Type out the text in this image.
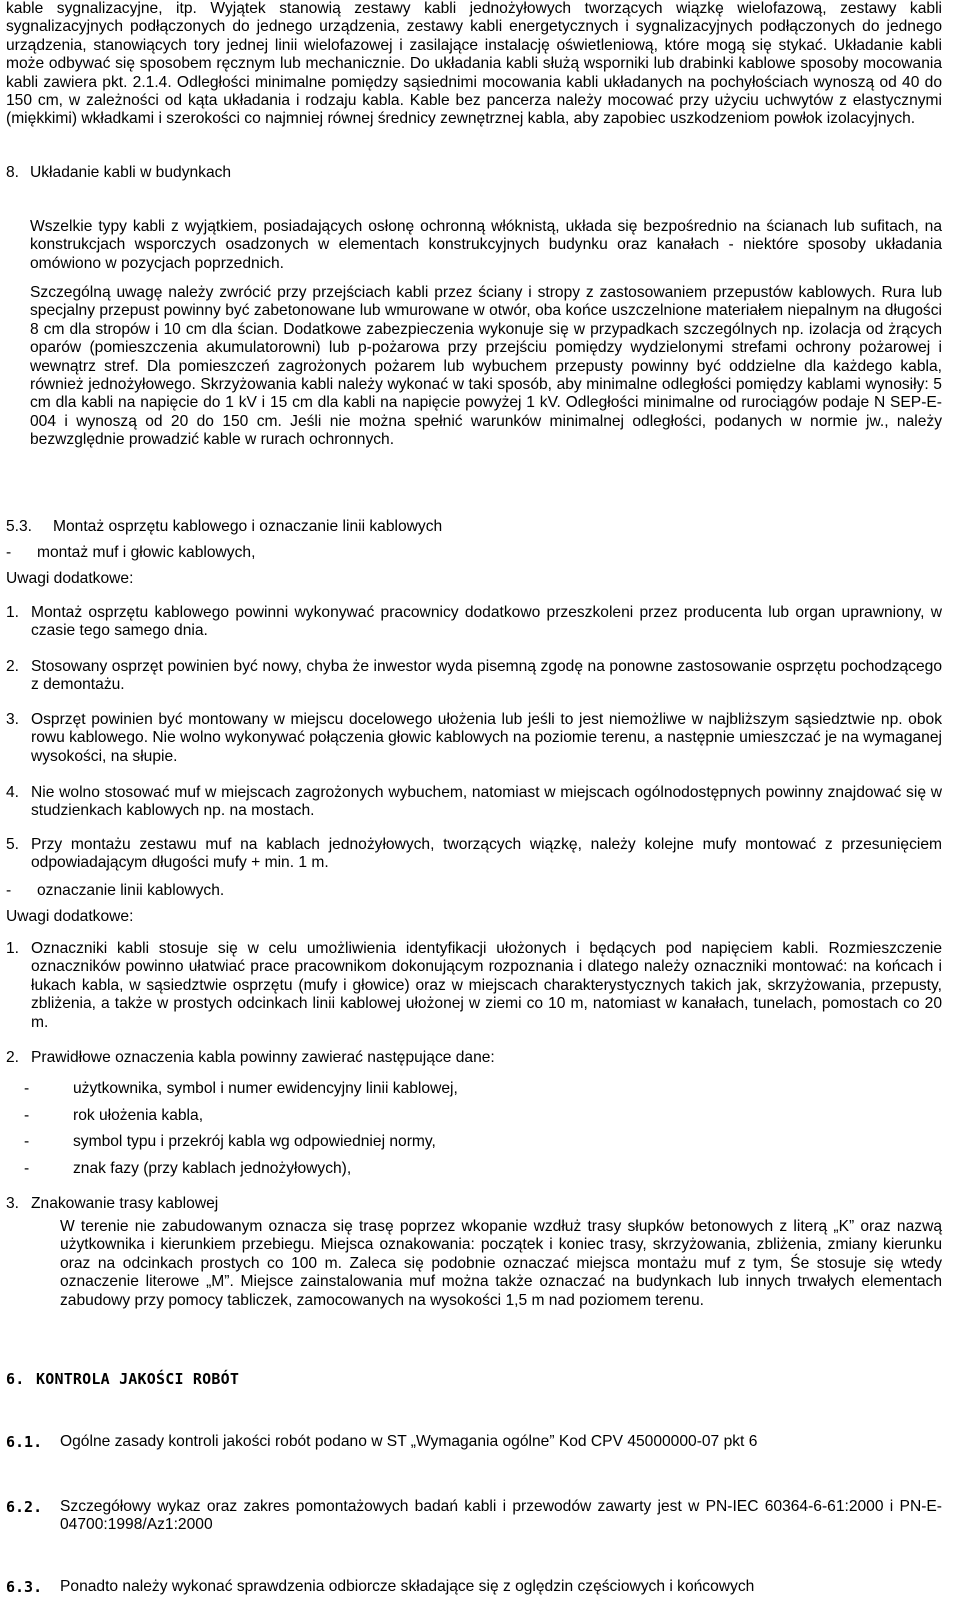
kable sygnalizacyjne, itp. Wyjątek stanowią zestawy kabli jednożyłowych tworzących wiązkę wielofazową, zestawy kabli sygnalizacyjnych podłączonych do jednego urządzenia, zestawy kabli energetycznych i sygnalizacyjnych podłączonych do jednego urządzenia, stanowiących tory jednej linii wielofazowej i zasilające instalację oświetleniową, które mogą się stykać. Układanie kabli może odbywać się sposobem ręcznym lub mechanicznie. Do układania kabli służą wsporniki lub drabinki kablowe sposoby mocowania kabli zawiera pkt. 2.1.4. Odległości minimalne pomiędzy sąsiednimi mocowania kabli układanych na pochyłościach wynoszą od 40 do 150 cm, w zależności od kąta układania i rodzaju kabla. Kable bez pancerza należy mocować przy użyciu uchwytów z elastycznymi (miękkimi) wkładkami i szerokości co najmniej równej średnicy zewnętrznej kabla, aby zapobiec uszkodzeniom powłok izolacyjnych.

8. Układanie kabli w budynkach

Wszelkie typy kabli z wyjątkiem, posiadających osłonę ochronną włóknistą, układa się bezpośrednio na ścianach lub sufitach, na konstrukcjach wsporczych osadzonych w elementach konstrukcyjnych budynku oraz kanałach - niektóre sposoby układania omówiono w pozycjach poprzednich.

Szczególną uwagę należy zwrócić przy przejściach kabli przez ściany i stropy z zastosowaniem przepustów kablowych. Rura lub specjalny przepust powinny być zabetonowane lub wmurowane w otwór, oba końce uszczelnione materiałem niepalnym na długości 8 cm dla stropów i 10 cm dla ścian. Dodatkowe zabezpieczenia wykonuje się w przypadkach szczególnych np. izolacja od żrących oparów (pomieszczenia akumulatorowni) lub p-pożarowa przy przejściu pomiędzy wydzielonymi strefami ochrony pożarowej i wewnątrz stref. Dla pomieszczeń zagrożonych pożarem lub wybuchem przepusty powinny być oddzielne dla każdego kabla, również jednożyłowego. Skrzyżowania kabli należy wykonać w taki sposób, aby minimalne odległości pomiędzy kablami wynosiły: 5 cm dla kabli na napięcie do 1 kV i 15 cm dla kabli na napięcie powyżej 1 kV. Odległości minimalne od rurociągów podaje N SEP-E-004 i wynoszą od 20 do 150 cm. Jeśli nie można spełnić warunków minimalnej odległości, podanych w normie jw., należy bezwzględnie prowadzić kable w rurach ochronnych.

5.3. Montaż osprzętu kablowego i oznaczanie linii kablowych
- montaż muf i głowic kablowych,
Uwagi dodatkowe:
1. Montaż osprzętu kablowego powinni wykonywać pracownicy dodatkowo przeszkoleni przez producenta lub organ uprawniony, w czasie tego samego dnia.

2. Stosowany osprzęt powinien być nowy, chyba że inwestor wyda pisemną zgodę na ponowne zastosowanie osprzętu pochodzącego z demontażu.

3. Osprzęt powinien być montowany w miejscu docelowego ułożenia lub jeśli to jest niemożliwe w najbliższym sąsiedztwie np. obok rowu kablowego. Nie wolno wykonywać połączenia głowic kablowych na poziomie terenu, a następnie umieszczać je na wymaganej wysokości, na słupie.

4. Nie wolno stosować muf w miejscach zagrożonych wybuchem, natomiast w miejscach ogólnodostępnych powinny znajdować się w studzienkach kablowych np. na mostach.

5. Przy montażu zestawu muf na kablach jednożyłowych, tworzących wiązkę, należy kolejne mufy montować z przesunięciem odpowiadającym długości mufy + min. 1 m.

- oznaczanie linii kablowych.
Uwagi dodatkowe:
1. Oznaczniki kabli stosuje się w celu umożliwienia identyfikacji ułożonych i będących pod napięciem kabli. Rozmieszczenie oznaczników powinno ułatwiać prace pracownikom dokonującym rozpoznania i dlatego należy oznaczniki montować: na końcach i łukach kabla, w sąsiedztwie osprzętu (mufy i głowice) oraz w miejscach charakterystycznych takich jak, skrzyżowania, przepusty, zbliżenia, a także w prostych odcinkach linii kablowej ułożonej w ziemi co 10 m, natomiast w kanałach, tunelach, pomostach co 20 m.

2. Prawidłowe oznaczenia kabla powinny zawierać następujące dane:

-	użytkownika, symbol i numer ewidencyjny linii kablowej,
-	rok ułożenia kabla,
-	symbol typu i przekrój kabla wg odpowiedniej normy,
-	znak fazy (przy kablach jednożyłowych),
3. Znakowanie trasy kablowej

W terenie nie zabudowanym oznacza się trasę poprzez wkopanie wzdłuż trasy słupków betonowych z literą „K” oraz nazwą użytkownika i kierunkiem przebiegu. Miejsca oznakowania: początek i koniec trasy, skrzyżowania, zbliżenia, zmiany kierunku oraz na odcinkach prostych co 100 m. Zaleca się podobnie oznaczać miejsca montażu muf z tym, Śe stosuje się wtedy oznaczenie literowe „M”. Miejsce zainstalowania muf można także oznaczać na budynkach lub innych trwałych elementach zabudowy przy pomocy tabliczek, zamocowanych na wysokości 1,5 m nad poziomem terenu.

6. KONTROLA JAKOŚCI ROBÓT
6.1. Ogólne zasady kontroli jakości robót podano w ST „Wymagania ogólne” Kod CPV 45000000-07 pkt 6

6.2. Szczegółowy wykaz oraz zakres pomontażowych badań kabli i przewodów zawarty jest w PN-IEC 60364-6-61:2000 i PN-E-04700:1998/Az1:2000

6.3. Ponadto należy wykonać sprawdzenia odbiorcze składające się z oględzin częściowych i końcowych
